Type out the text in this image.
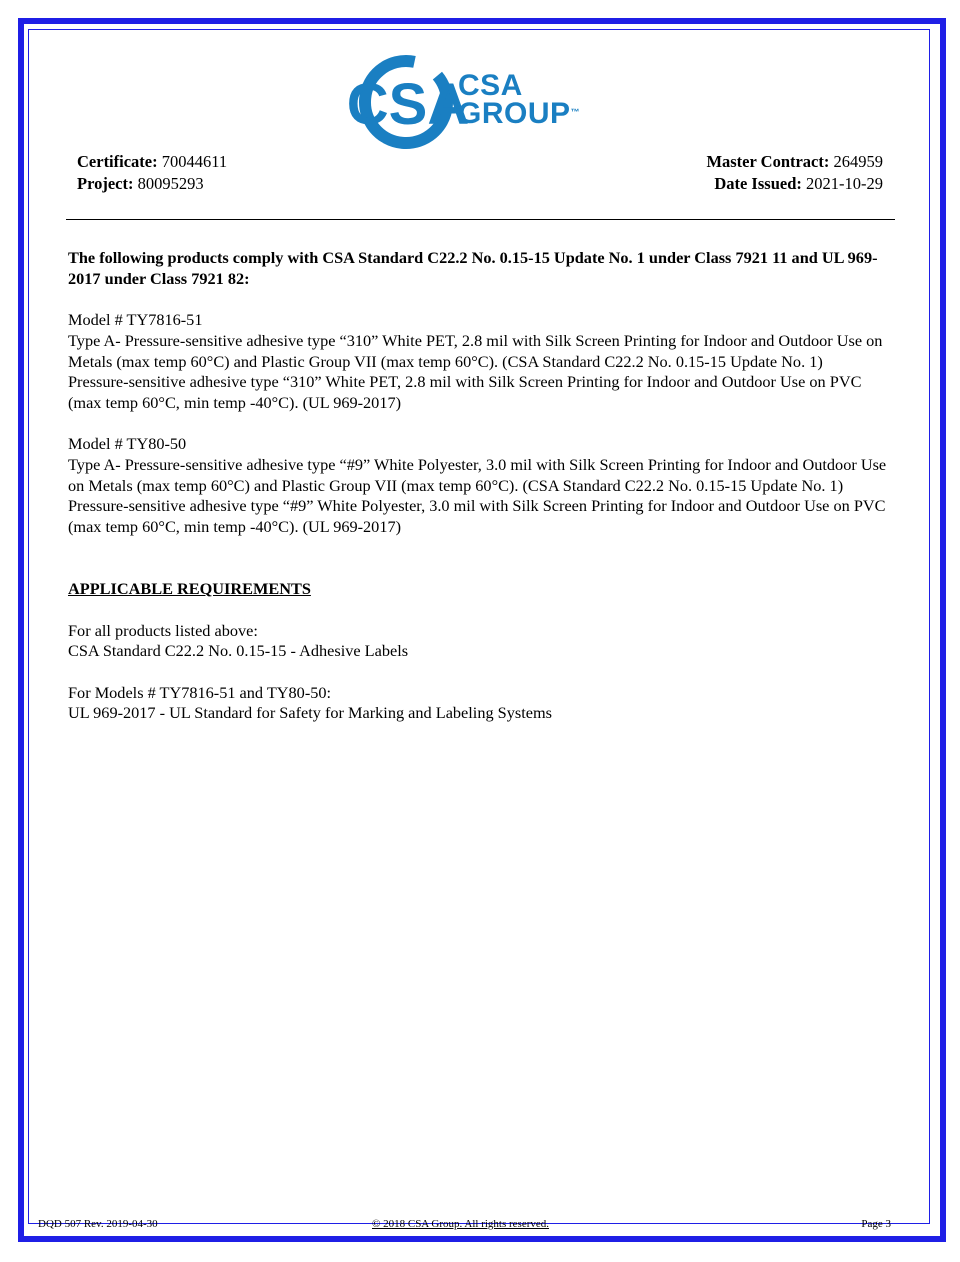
CSA
CSA
GROUP™
Certificate: 70044611
Project: 80095293
Master Contract: 264959
Date Issued: 2021-10-29

The following products comply with CSA Standard C22.2 No. 0.15-15 Update No. 1 under Class 7921 11 and UL 969-2017 under Class 7921 82:

Model # TY7816-51

Type A- Pressure-sensitive adhesive type “310” White PET, 2.8 mil with Silk Screen Printing for Indoor and Outdoor Use on Metals (max temp 60°C) and Plastic Group VII (max temp 60°C). (CSA Standard C22.2 No. 0.15-15 Update No. 1)

Pressure-sensitive adhesive type “310” White PET, 2.8 mil with Silk Screen Printing for Indoor and Outdoor Use on PVC (max temp 60°C, min temp -40°C). (UL 969-2017)

Model # TY80-50

Type A- Pressure-sensitive adhesive type “#9” White Polyester, 3.0 mil with Silk Screen Printing for Indoor and Outdoor Use on Metals (max temp 60°C) and Plastic Group VII (max temp 60°C). (CSA Standard C22.2 No. 0.15-15 Update No. 1)

Pressure-sensitive adhesive type “#9” White Polyester, 3.0 mil with Silk Screen Printing for Indoor and Outdoor Use on PVC (max temp 60°C, min temp -40°C). (UL 969-2017)

APPLICABLE REQUIREMENTS

For all products listed above:

CSA Standard C22.2 No. 0.15-15 - Adhesive Labels

For Models # TY7816-51 and TY80-50:

UL 969-2017 - UL Standard for Safety for Marking and Labeling Systems

DQD 507 Rev. 2019-04-30	© 2018 CSA Group. All rights reserved.	Page 3
